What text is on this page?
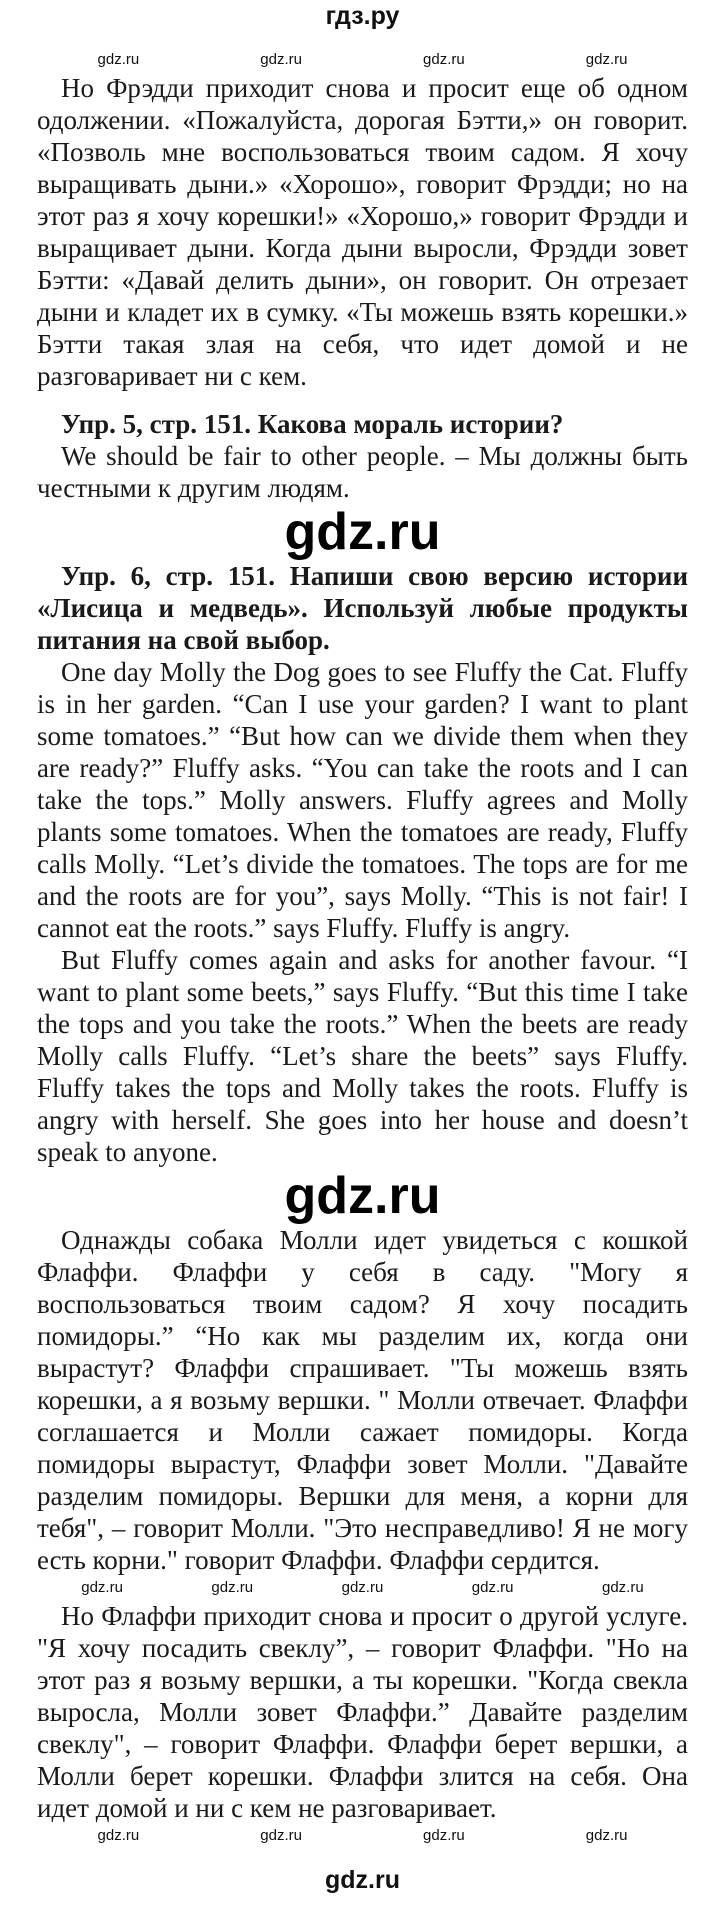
гдз.ру
gdz.ru	gdz.ru	gdz.ru	gdz.ru

Но Фрэдди приходит снова и просит еще об одном одолжении. «Пожалуйста, дорогая Бэтти,» он говорит. «Позволь мне воспользоваться твоим садом. Я хочу выращивать дыни.» «Хорошо», говорит Фрэдди; но на этот раз я хочу корешки!» «Хорошо,» говорит Фрэдди и выращивает дыни. Когда дыни выросли, Фрэдди зовет Бэтти: «Давай делить дыни», он говорит. Он отрезает дыни и кладет их в сумку. «Ты можешь взять корешки.» Бэтти такая злая на себя, что идет домой и не разговаривает ни с кем.

Упр. 5, стр. 151. Какова мораль истории?

We should be fair to other people. – Мы должны быть честными к другим людям.

gdz.ru

Упр. 6, стр. 151. Напиши свою версию истории «Лисица и медведь». Используй любые продукты питания на свой выбор.

One day Molly the Dog goes to see Fluffy the Cat. Fluffy is in her garden. “Can I use your garden? I want to plant some tomatoes.” “But how can we divide them when they are ready?” Fluffy asks. “You can take the roots and I can take the tops.” Molly answers. Fluffy agrees and Molly plants some tomatoes. When the tomatoes are ready, Fluffy calls Molly. “Let’s divide the tomatoes. The tops are for me and the roots are for you”, says Molly. “This is not fair! I cannot eat the roots.” says Fluffy. Fluffy is angry.

But Fluffy comes again and asks for another favour. “I want to plant some beets,” says Fluffy. “But this time I take the tops and you take the roots.” When the beets are ready Molly calls Fluffy. “Let’s share the beets” says Fluffy. Fluffy takes the tops and Molly takes the roots. Fluffy is angry with herself. She goes into her house and doesn’t speak to anyone.

gdz.ru

Однажды собака Молли идет увидеться с кошкой Флаффи. Флаффи у себя в саду. "Могу я воспользоваться твоим садом? Я хочу посадить помидоры.” “Но как мы разделим их, когда они вырастут? Флаффи спрашивает. "Ты можешь взять корешки, а я возьму вершки. " Молли отвечает. Флаффи соглашается и Молли сажает помидоры. Когда помидоры вырастут, Флаффи зовет Молли. "Давайте разделим помидоры. Вершки для меня, а корни для тебя", – говорит Молли. "Это несправедливо! Я не могу есть корни." говорит Флаффи. Флаффи сердится.

gdz.ru	gdz.ru	gdz.ru	gdz.ru	gdz.ru

Но Флаффи приходит снова и просит о другой услуге. "Я хочу посадить свеклу”, – говорит Флаффи. "Но на этот раз я возьму вершки, а ты корешки. "Когда свекла выросла, Молли зовет Флаффи.” Давайте разделим свеклу", – говорит Флаффи. Флаффи берет вершки, а Молли берет корешки. Флаффи злится на себя. Она идет домой и ни с кем не разговаривает.

gdz.ru	gdz.ru	gdz.ru	gdz.ru
gdz.ru
